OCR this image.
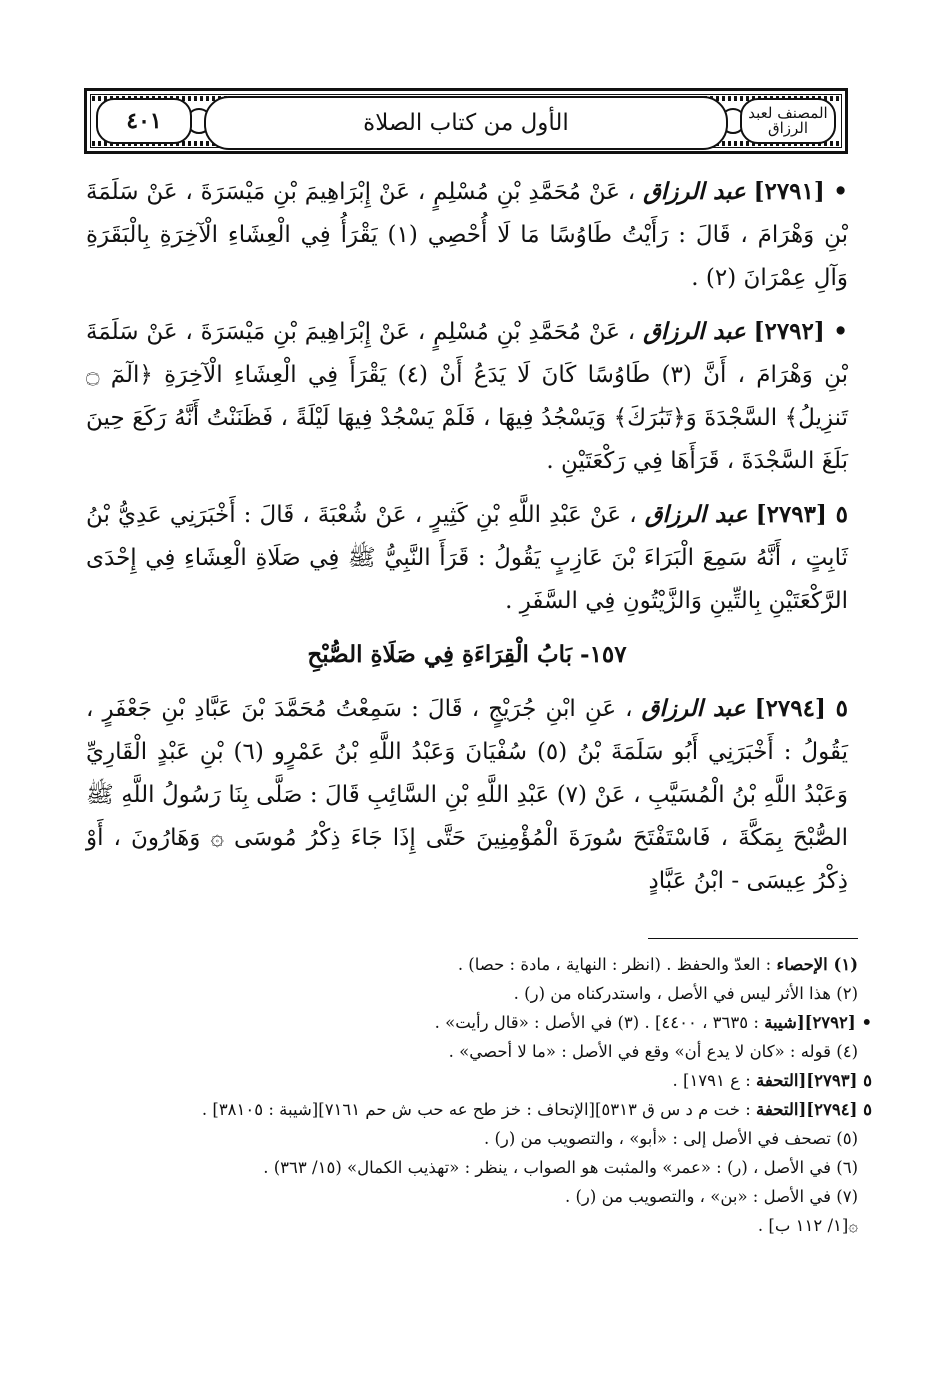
٤٠١	الأول من كتاب الصلاة	المصنف لعبد الرزاق

• [٢٧٩١] عبد الرزاق ، عَنْ مُحَمَّدِ بْنِ مُسْلِمٍ ، عَنْ إِبْرَاهِيمَ بْنِ مَيْسَرَةَ ، عَنْ سَلَمَةَ بْنِ وَهْرَامَ ، قَالَ : رَأَيْتُ طَاوُسًا مَا لَا أُحْصِي (١) يَقْرَأُ فِي الْعِشَاءِ الْآخِرَةِ بِالْبَقَرَةِ وَآلِ عِمْرَانَ (٢) .

• [٢٧٩٢] عبد الرزاق ، عَنْ مُحَمَّدِ بْنِ مُسْلِمٍ ، عَنْ إِبْرَاهِيمَ بْنِ مَيْسَرَةَ ، عَنْ سَلَمَةَ بْنِ وَهْرَامَ ، أَنَّ (٣) طَاوُسًا كَانَ لَا يَدَعُ أَنْ (٤) يَقْرَأَ فِي الْعِشَاءِ الْآخِرَةِ ﴿الٓمٓ ۝ تَنزِيلُ﴾ السَّجْدَةَ وَ﴿تَبَٰرَكَ﴾ وَيَسْجُدُ فِيهَا ، فَلَمْ يَسْجُدْ فِيهَا لَيْلَةً ، فَظَنَنْتُ أَنَّهُ رَكَعَ حِينَ بَلَغَ السَّجْدَةَ ، قَرَأَهَا فِي رَكْعَتَيْنِ .

٥ [٢٧٩٣] عبد الرزاق ، عَنْ عَبْدِ اللَّهِ بْنِ كَثِيرٍ ، عَنْ شُعْبَةَ ، قَالَ : أَخْبَرَنِي عَدِيُّ بْنُ ثَابِتٍ ، أَنَّهُ سَمِعَ الْبَرَاءَ بْنَ عَازِبٍ يَقُولُ : قَرَأَ النَّبِيُّ ﷺ فِي صَلَاةِ الْعِشَاءِ فِي إِحْدَى الرَّكْعَتَيْنِ بِالتِّينِ وَالزَّيْتُونِ فِي السَّفَرِ .

١٥٧- بَابُ الْقِرَاءَةِ فِي صَلَاةِ الصُّبْحِ

٥ [٢٧٩٤] عبد الرزاق ، عَنِ ابْنِ جُرَيْجٍ ، قَالَ : سَمِعْتُ مُحَمَّدَ بْنَ عَبَّادِ بْنِ جَعْفَرٍ ، يَقُولُ : أَخْبَرَنِي أَبُو سَلَمَةَ بْنُ (٥) سُفْيَانَ وَعَبْدُ اللَّهِ بْنُ عَمْرٍو (٦) بْنِ عَبْدٍ الْقَارِيِّ وَعَبْدُ اللَّهِ بْنُ الْمُسَيَّبِ ، عَنْ (٧) عَبْدِ اللَّهِ بْنِ السَّائِبِ قَالَ : صَلَّى بِنَا رَسُولُ اللَّهِ ﷺ الصُّبْحَ بِمَكَّةَ ، فَاسْتَفْتَحَ سُورَةَ الْمُؤْمِنِينَ حَتَّى إِذَا جَاءَ ذِكْرُ مُوسَى ۞ وَهَارُونَ ، أَوْ ذِكْرُ عِيسَى - ابْنُ عَبَّادٍ

(١) الإحصاء : العدّ والحفظ . (انظر : النهاية ، مادة : حصا) .
(٢) هذا الأثر ليس في الأصل ، واستدركناه من (ر) .
• [٢٧٩٢][شيبة : ٣٦٣٥ ، ٤٤٠٠] . (٣) في الأصل : «قال رأيت» .
(٤) قوله : «كان لا يدع أن» وقع في الأصل : «ما لا أحصي» .
٥ [٢٧٩٣][التحفة : ع ١٧٩١] .
٥ [٢٧٩٤][التحفة : خت م د س ق ٥٣١٣][الإتحاف : خز طح عه حب ش حم ٧١٦١][شيبة : ٣٨١٠٥] .
(٥) تصحف في الأصل إلى : «أبو» ، والتصويب من (ر) .
(٦) في الأصل ، (ر) : «عمر» والمثبت هو الصواب ، ينظر : «تهذيب الكمال» (١٥/ ٣٦٣) .
(٧) في الأصل : «بن» ، والتصويب من (ر) .
۞[١/ ١١٢ ب] .
